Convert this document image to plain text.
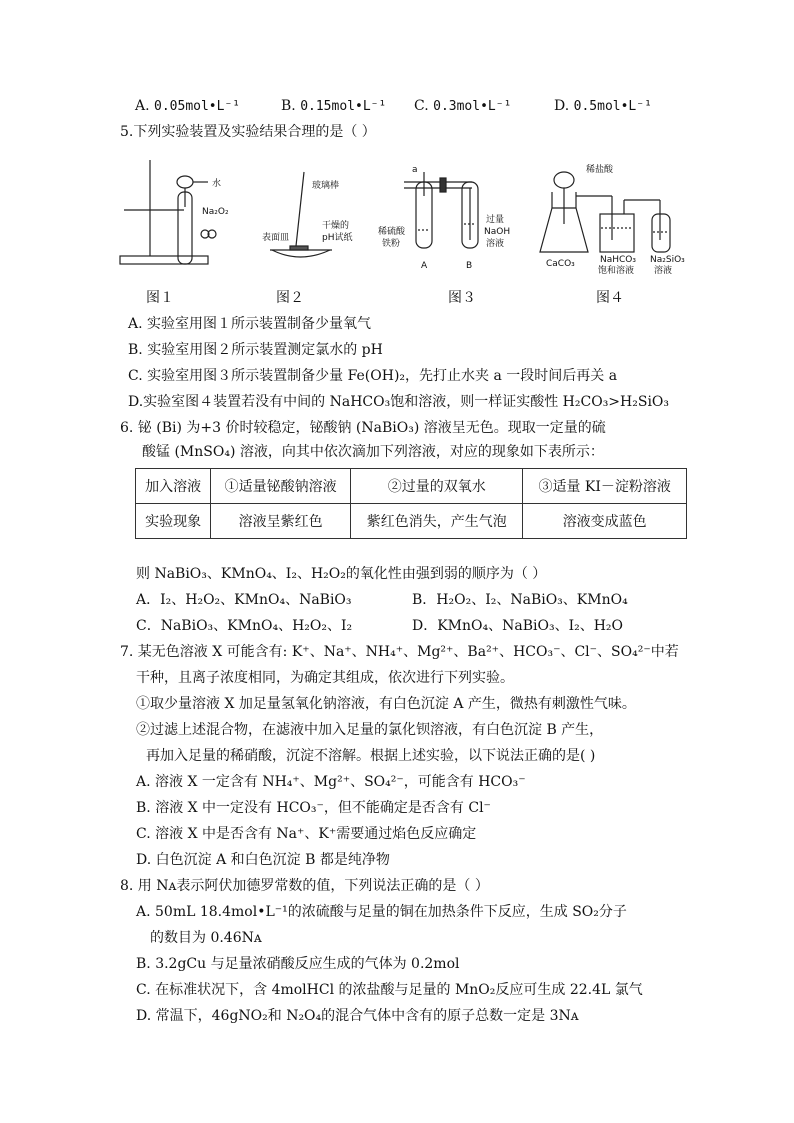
A. 0.05mol•L⁻¹	B. 0.15mol•L⁻¹ C. 0.3mol•L⁻¹	D. 0.5mol•L⁻¹
5.下列实验装置及实验结果合理的是（ ）
水
Na₂O₂
玻璃棒
表面皿
干燥的
pH试纸
a
稀硫酸
铁粉
过量
NaOH
溶液
A	B
稀盐酸
CaCO₃	NaHCO₃
饱和溶液
Na₂SiO₃
溶液
图１	图２	图３	图４
A. 实验室用图１所示装置制备少量氧气
B. 实验室用图２所示装置测定氯水的 pH
C. 实验室用图３所示装置制备少量 Fe(OH)₂，先打止水夹 a 一段时间后再关 a
D.实验室图４装置若没有中间的 NaHCO₃饱和溶液，则一样证实酸性 H₂CO₃>H₂SiO₃
6. 铋 (Bi) 为+3 价时较稳定，铋酸钠 (NaBiO₃) 溶液呈无色。现取一定量的硫
酸锰 (MnSO₄) 溶液，向其中依次滴加下列溶液，对应的现象如下表所示：
加入溶液	①适量铋酸钠溶液	②过量的双氧水	③适量 KI－淀粉溶液
实验现象	溶液呈紫红色	紫红色消失，产生气泡	溶液变成蓝色
则 NaBiO₃、KMnO₄、I₂、H₂O₂的氧化性由强到弱的顺序为（ ）
A．I₂、H₂O₂、KMnO₄、NaBiO₃	B．H₂O₂、I₂、NaBiO₃、KMnO₄
C．NaBiO₃、KMnO₄、H₂O₂、I₂	D．KMnO₄、NaBiO₃、I₂、H₂O
7. 某无色溶液 X 可能含有: K⁺、Na⁺、NH₄⁺、Mg²⁺、Ba²⁺、HCO₃⁻、Cl⁻、SO₄²⁻中若
干种，且离子浓度相同，为确定其组成，依次进行下列实验。
①取少量溶液 X 加足量氢氧化钠溶液，有白色沉淀 A 产生，微热有刺激性气味。
②过滤上述混合物，在滤液中加入足量的氯化钡溶液，有白色沉淀 B 产生，
再加入足量的稀硝酸，沉淀不溶解。根据上述实验，以下说法正确的是( )
A. 溶液 X 一定含有 NH₄⁺、Mg²⁺、SO₄²⁻，可能含有 HCO₃⁻
B. 溶液 X 中一定没有 HCO₃⁻，但不能确定是否含有 Cl⁻
C. 溶液 X 中是否含有 Na⁺、K⁺需要通过焰色反应确定
D. 白色沉淀 A 和白色沉淀 B 都是纯净物
8. 用 Nᴀ表示阿伏加德罗常数的值，下列说法正确的是（ ）
A. 50mL 18.4mol•L⁻¹的浓硫酸与足量的铜在加热条件下反应，生成 SO₂分子
的数目为 0.46Nᴀ
B. 3.2gCu 与足量浓硝酸反应生成的气体为 0.2mol
C. 在标准状况下，含 4molHCl 的浓盐酸与足量的 MnO₂反应可生成 22.4L 氯气
D. 常温下，46gNO₂和 N₂O₄的混合气体中含有的原子总数一定是 3Nᴀ
